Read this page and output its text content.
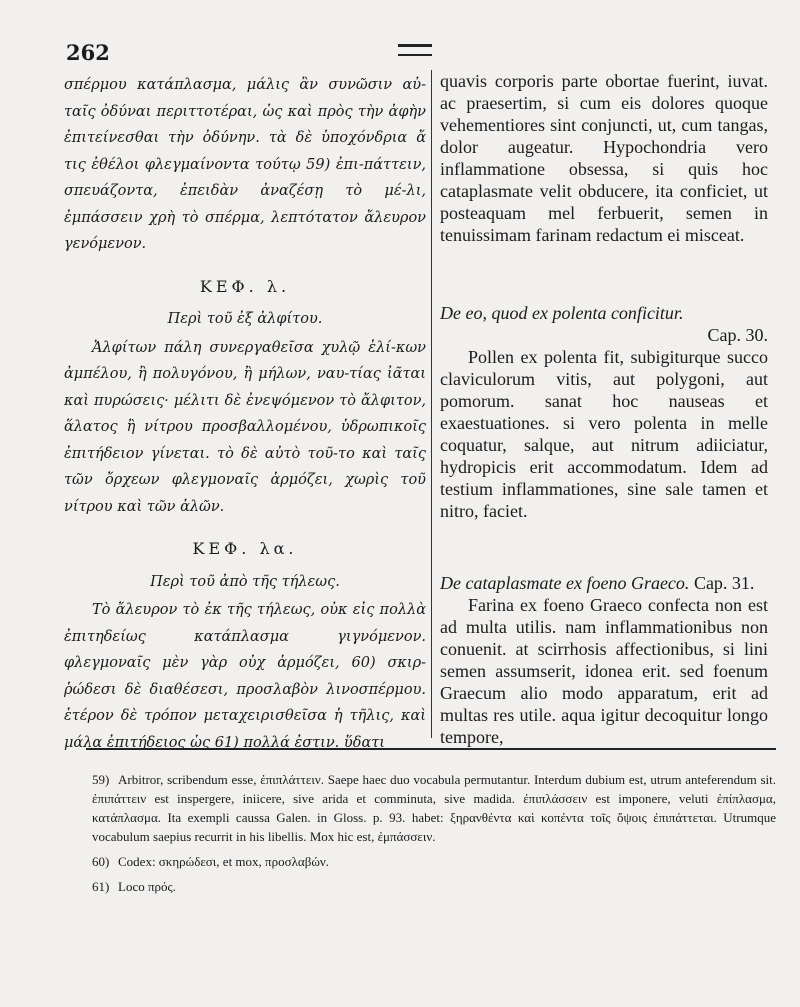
262

σπέρμου κατάπλασμα, μάλις ἂν συνῶσιν αὐ-ταῖς ὀδύναι περιττοτέραι, ὡς καὶ πρὸς τὴν ἀφὴν ἐπιτείνεσθαι τὴν ὀδύνην. τὰ δὲ ὑποχόνδρια ἄ τις ἐθέλοι φλεγμαίνοντα τούτῳ 59) ἐπι-πάττειν, σπευάζοντα, ἐπειδὰν ἀναζέσῃ τὸ μέ-λι, ἐμπάσσειν χρὴ τὸ σπέρμα, λεπτότατον ἄλευρον γενόμενον.

ΚΕΦ. λ.
Περὶ τοῦ ἐξ ἀλφίτου.

Ἀλφίτων πάλη συνεργαθεῖσα χυλῷ ἑλί-κων ἀμπέλου, ἢ πολυγόνου, ἢ μήλων, ναυ-τίας ἰᾶται καὶ πυρώσεις· μέλιτι δὲ ἐνεψόμενον τὸ ἄλφιτον, ἅλατος ἢ νίτρου προσβαλλομένου, ὑδρωπικοῖς ἐπιτήδειον γίνεται. τὸ δὲ αὐτὸ τοῦ-το καὶ ταῖς τῶν ὄρχεων φλεγμοναῖς ἁρμόζει, χωρὶς τοῦ νίτρου καὶ τῶν ἁλῶν.

ΚΕΦ. λα.
Περὶ τοῦ ἀπὸ τῆς τήλεως.

Τὸ ἄλευρον τὸ ἐκ τῆς τήλεως, οὐκ εἰς πολλὰ ἐπιτηδείως κατάπλασμα γιγνόμενον. φλεγμοναῖς μὲν γὰρ οὐχ ἁρμόζει, 60) σκιρ-ῥώδεσι δὲ διαθέσεσι, προσλαβὸν λινοσπέρμου. ἑτέρον δὲ τρόπον μεταχειρισθεῖσα ἡ τῆλις, καὶ μάλα ἐπιτήδειος ὡς 61) πολλά ἐστιν. ὕδατι

quavis corporis parte obortae fuerint, iuvat. ac praesertim, si cum eis dolores quoque vehementiores sint conjuncti, ut, cum tangas, dolor augeatur. Hypochondria vero inflammatione obsessa, si quis hoc cataplasmate velit obducere, ita conficiet, ut posteaquam mel ferbuerit, semen in tenuissimam farinam redactum ei misceat.

De eo, quod ex polenta conficitur.
Cap. 30.

Pollen ex polenta fit, subigiturque succo claviculorum vitis, aut polygoni, aut pomorum. sanat hoc nauseas et exaestuationes. si vero polenta in melle coquatur, salque, aut nitrum adiiciatur, hydropicis erit accommodatum. Idem ad testium inflammationes, sine sale tamen et nitro, faciet.

De cataplasmate ex foeno Graeco. Cap. 31.

Farina ex foeno Graeco confecta non est ad multa utilis. nam inflammationibus non conuenit. at scirrhosis affectionibus, si lini semen assumserit, idonea erit. sed foenum Graecum alio modo apparatum, erit ad multas res utile. aqua igitur decoquitur longo tempore,

59) Arbitror, scribendum esse, ἐπιπλάττειν. Saepe haec duo vocabula permutantur. Interdum dubium est, utrum anteferendum sit. ἐπιπάττειν est inspergere, iniicere, sive arida et comminuta, sive madida. ἐπιπλάσσειν est imponere, veluti ἐπίπλασμα, κατάπλασμα. Ita exempli caussa Galen. in Gloss. p. 93. habet: ξηρανθέντα καὶ κοπέντα τοῖς ὄψοις ἐπιπάττεται. Utrumque vocabulum saepius recurrit in his libellis. Mox hic est, ἐμπάσσειν.

60) Codex: σκηρώδεσι, et mox, προσλαβών.

61) Loco πρός.
